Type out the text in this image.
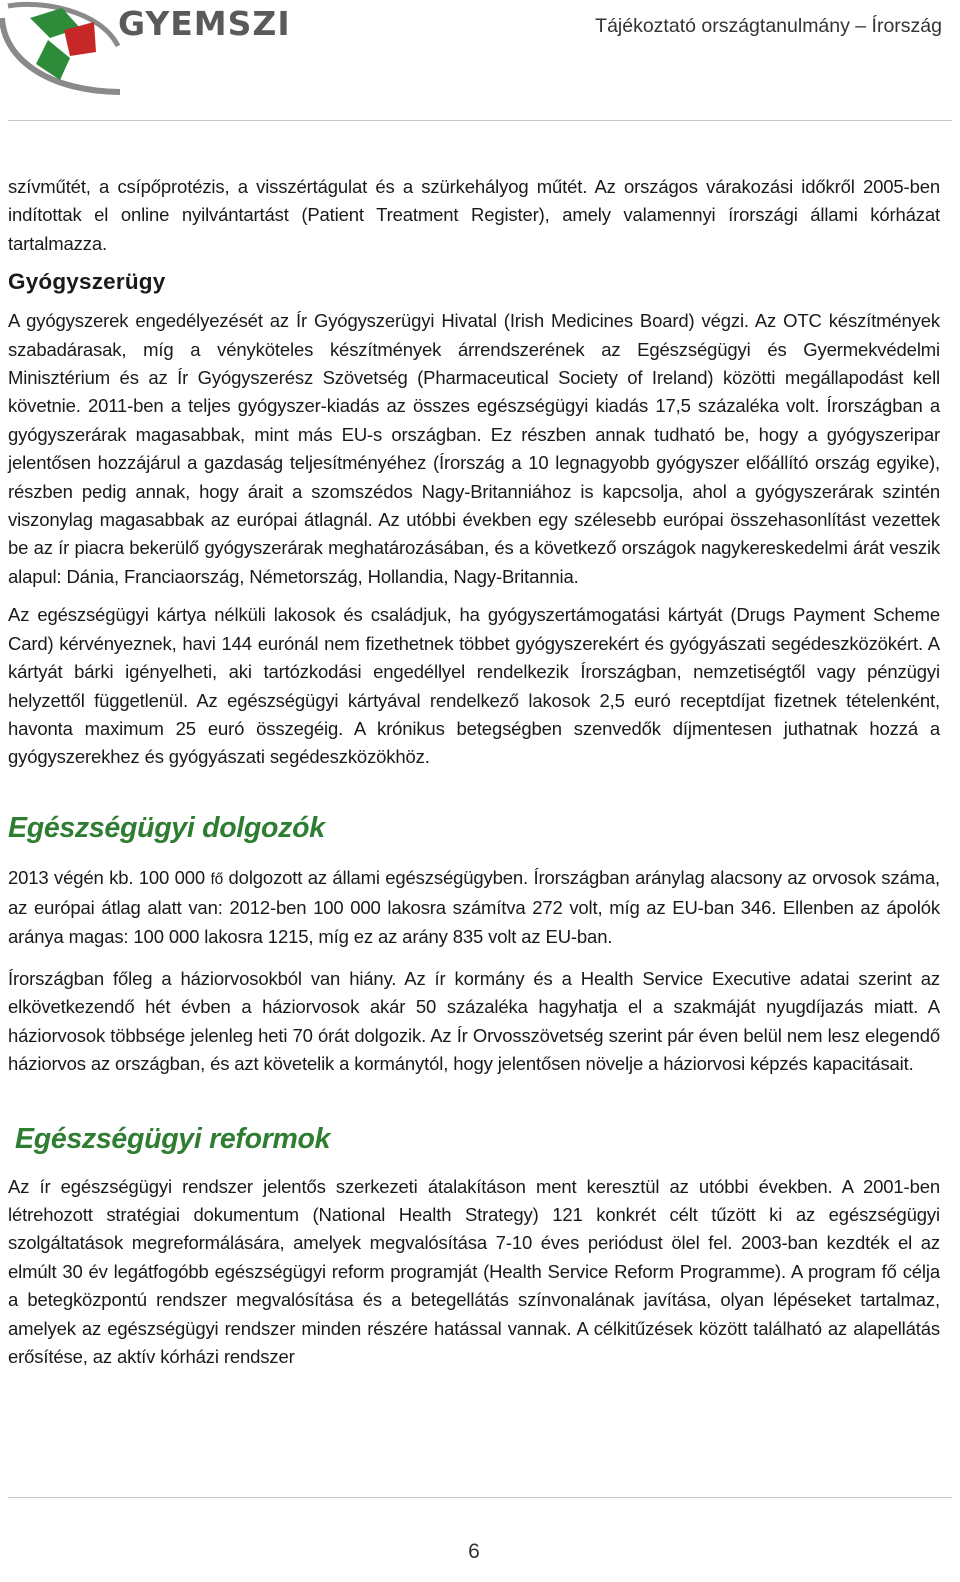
GYEMSZI	Tájékoztató országtanulmány – Írország

szívműtét, a csípőprotézis, a visszértágulat és a szürkehályog műtét. Az országos várakozási időkről 2005-ben indítottak el online nyilvántartást (Patient Treatment Register), amely valamennyi írországi állami kórházat tartalmazza.

Gyógyszerügy

A gyógyszerek engedélyezését az Ír Gyógyszerügyi Hivatal (Irish Medicines Board) végzi. Az OTC készítmények szabadárasak, míg a vényköteles készítmények árrendszerének az Egészségügyi és Gyermekvédelmi Minisztérium és az Ír Gyógyszerész Szövetség (Pharmaceutical Society of Ireland) közötti megállapodást kell követnie. 2011-ben a teljes gyógyszer-kiadás az összes egészségügyi kiadás 17,5 százaléka volt. Írországban a gyógyszerárak magasabbak, mint más EU-s országban. Ez részben annak tudható be, hogy a gyógyszeripar jelentősen hozzájárul a gazdaság teljesítményéhez (Írország a 10 legnagyobb gyógyszer előállító ország egyike), részben pedig annak, hogy árait a szomszédos Nagy-Britanniához is kapcsolja, ahol a gyógyszerárak szintén viszonylag magasabbak az európai átlagnál. Az utóbbi években egy szélesebb európai összehasonlítást vezettek be az ír piacra bekerülő gyógyszerárak meghatározásában, és a következő országok nagykereskedelmi árát veszik alapul: Dánia, Franciaország, Németország, Hollandia, Nagy-Britannia.

Az egészségügyi kártya nélküli lakosok és családjuk, ha gyógyszertámogatási kártyát (Drugs Payment Scheme Card) kérvényeznek, havi 144 eurónál nem fizethetnek többet gyógyszerekért és gyógyászati segédeszközökért. A kártyát bárki igényelheti, aki tartózkodási engedéllyel rendelkezik Írországban, nemzetiségtől vagy pénzügyi helyzettől függetlenül. Az egészségügyi kártyával rendelkező lakosok 2,5 euró receptdíjat fizetnek tételenként, havonta maximum 25 euró összegéig. A krónikus betegségben szenvedők díjmentesen juthatnak hozzá a gyógyszerekhez és gyógyászati segédeszközökhöz.

Egészségügyi dolgozók

2013 végén kb. 100 000 fő dolgozott az állami egészségügyben. Írországban aránylag alacsony az orvosok száma, az európai átlag alatt van: 2012-ben 100 000 lakosra számítva 272 volt, míg az EU-ban 346. Ellenben az ápolók aránya magas: 100 000 lakosra 1215, míg ez az arány 835 volt az EU-ban.

Írországban főleg a háziorvosokból van hiány. Az ír kormány és a Health Service Executive adatai szerint az elkövetkezendő hét évben a háziorvosok akár 50 százaléka hagyhatja el a szakmáját nyugdíjazás miatt. A háziorvosok többsége jelenleg heti 70 órát dolgozik. Az Ír Orvosszövetség szerint pár éven belül nem lesz elegendő háziorvos az országban, és azt követelik a kormánytól, hogy jelentősen növelje a háziorvosi képzés kapacitásait.

Egészségügyi reformok

Az ír egészségügyi rendszer jelentős szerkezeti átalakításon ment keresztül az utóbbi években. A 2001-ben létrehozott stratégiai dokumentum (National Health Strategy) 121 konkrét célt tűzött ki az egészségügyi szolgáltatások megreformálására, amelyek megvalósítása 7-10 éves periódust ölel fel. 2003-ban kezdték el az elmúlt 30 év legátfogóbb egészségügyi reform programját (Health Service Reform Programme). A program fő célja a betegközpontú rendszer megvalósítása és a betegellátás színvonalának javítása, olyan lépéseket tartalmaz, amelyek az egészségügyi rendszer minden részére hatással vannak. A célkitűzések között található az alapellátás erősítése, az aktív kórházi rendszer

6
